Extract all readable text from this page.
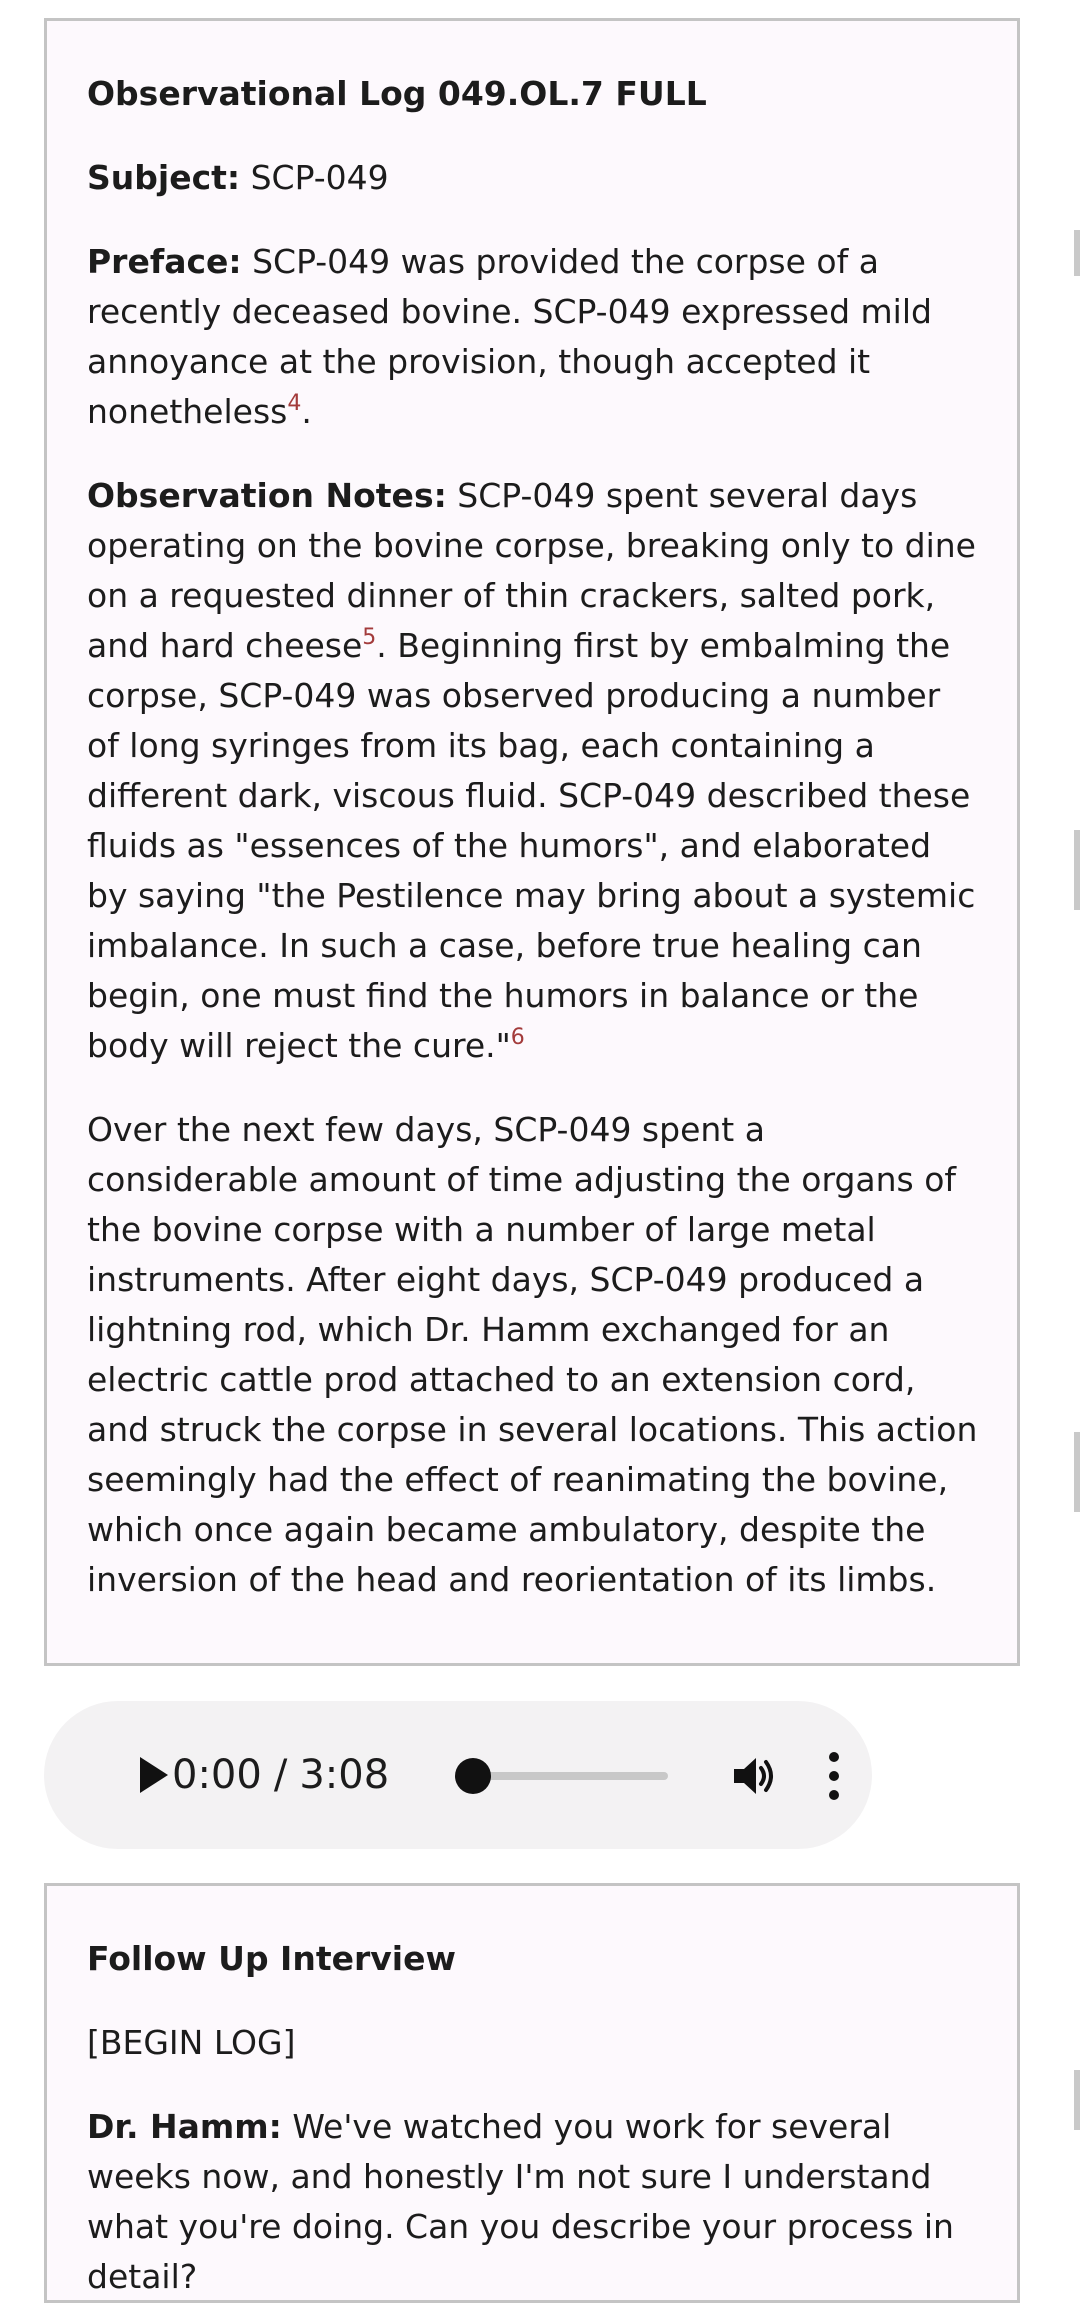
Observational Log 049.OL.7 FULL

Subject: SCP-049

Preface: SCP-049 was provided the corpse of a recently deceased bovine. SCP-049 expressed mild annoyance at the provision, though accepted it nonetheless$^4$.

Observation Notes: SCP-049 spent several days operating on the bovine corpse, breaking only to dine on a requested dinner of thin crackers, salted pork, and hard cheese$^5$. Beginning first by embalming the corpse, SCP-049 was observed producing a number of long syringes from its bag, each containing a different dark, viscous fluid. SCP-049 described these fluids as "essences of the humors", and elaborated by saying "the Pestilence may bring about a systemic imbalance. In such a case, before true healing can begin, one must find the humors in balance or the body will reject the cure."$^6$

Over the next few days, SCP-049 spent a considerable amount of time adjusting the organs of the bovine corpse with a number of large metal instruments. After eight days, SCP-049 produced a lightning rod, which Dr. Hamm exchanged for an electric cattle prod attached to an extension cord, and struck the corpse in several locations. This action seemingly had the effect of reanimating the bovine, which once again became ambulatory, despite the inversion of the head and reorientation of its limbs.

0:00 / 3:08

Follow Up Interview

[BEGIN LOG]

Dr. Hamm: We've watched you work for several weeks now, and honestly I'm not sure I understand what you're doing. Can you describe your process in detail?
